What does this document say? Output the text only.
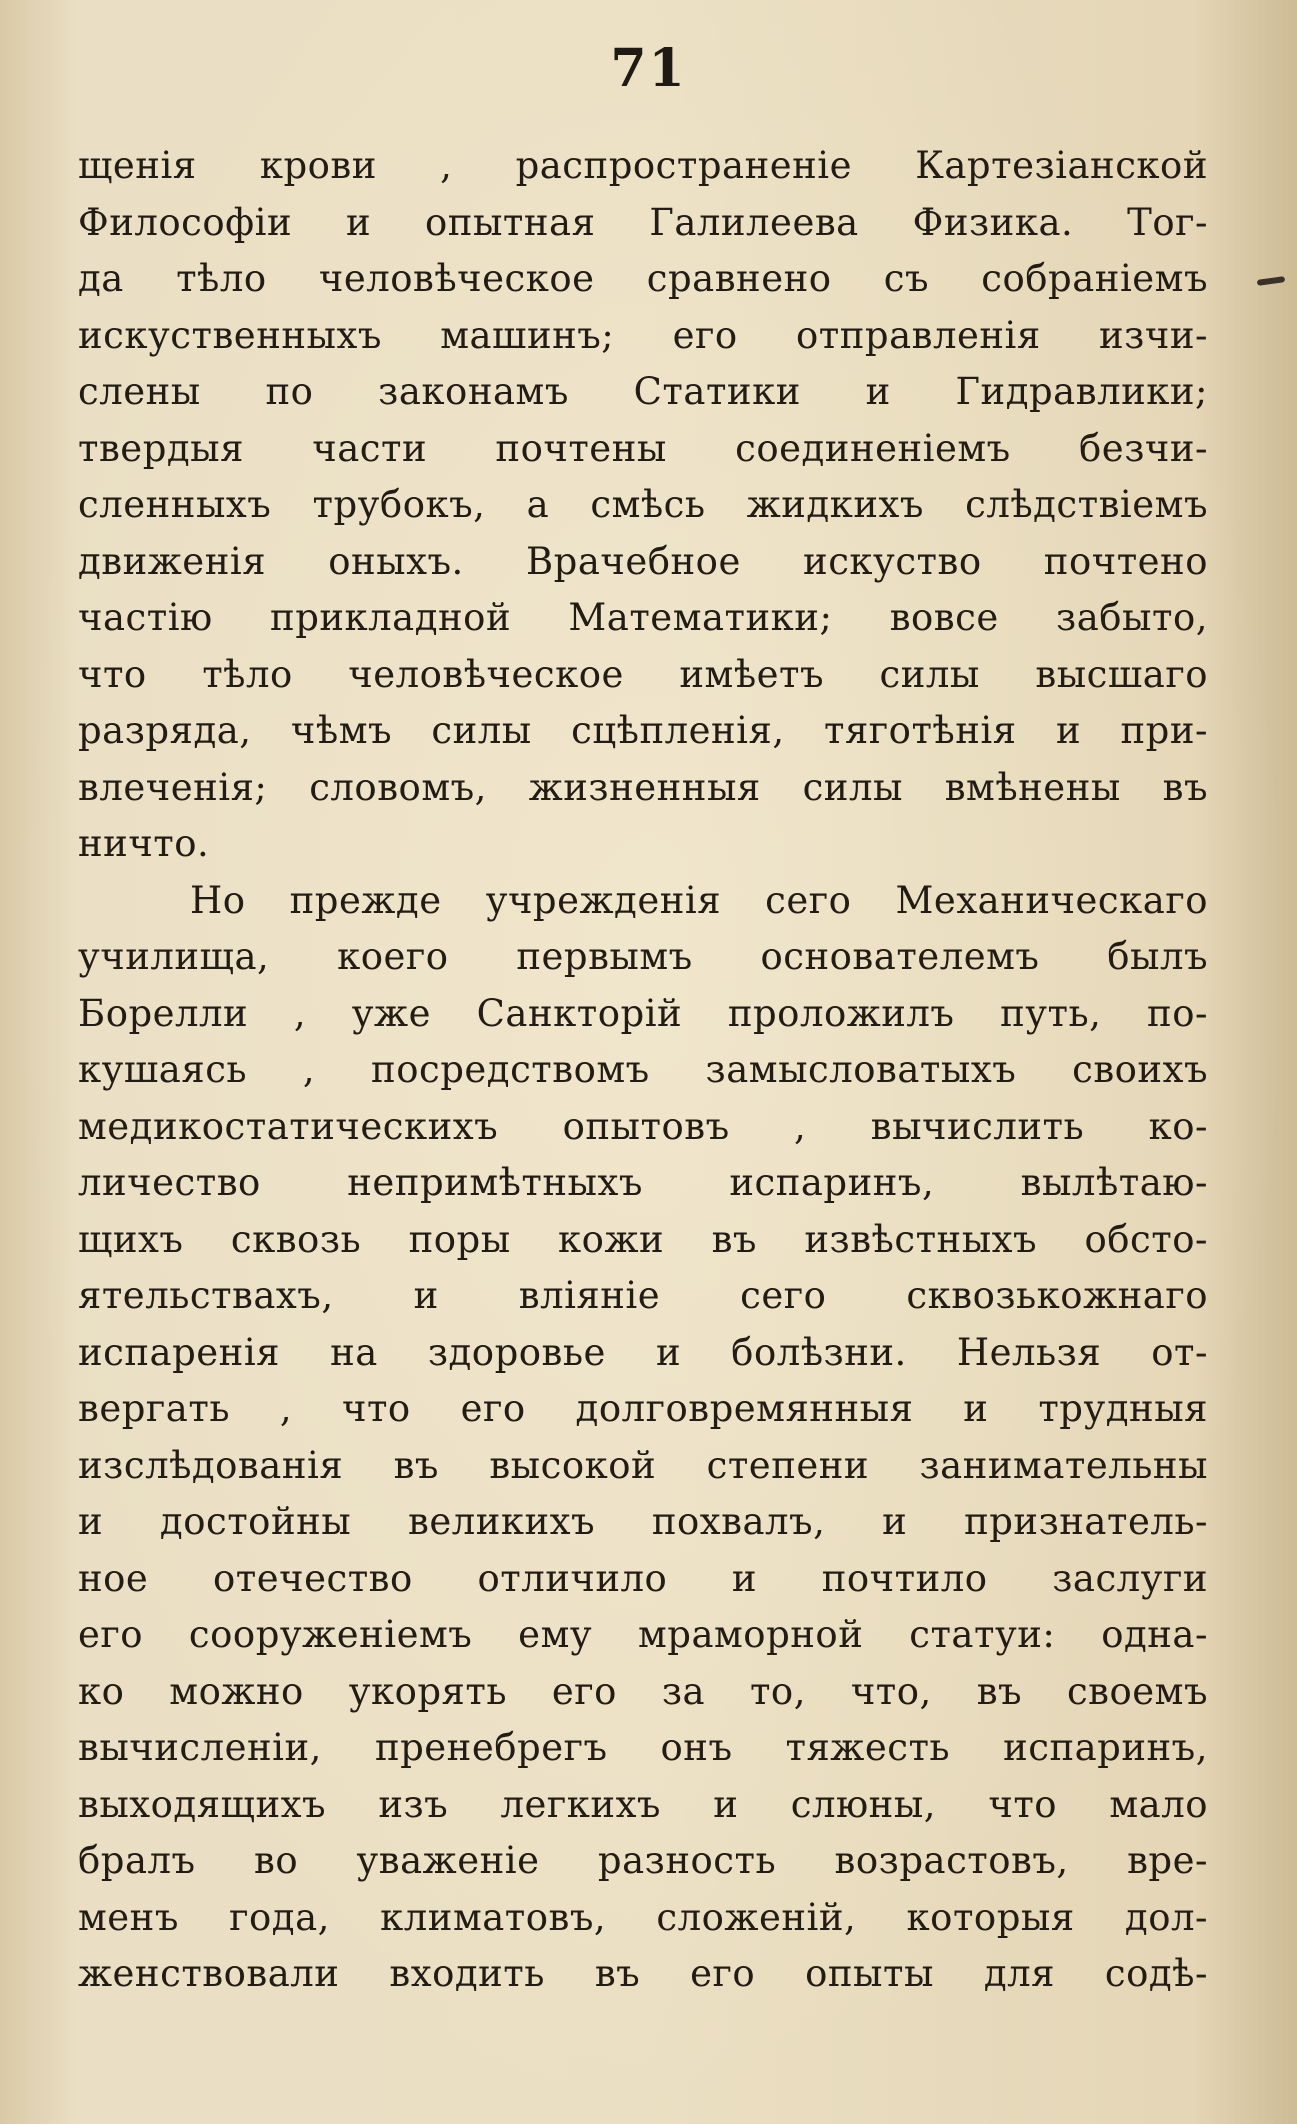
71
щенія крови , распространеніе Картезіанской
Философіи и опытная Галилеева Физика. Тог-
да тѣло человѣческое сравнено съ собраніемъ
искуственныхъ машинъ; его отправленія изчи-
слены по законамъ Статики и Гидравлики;
твердыя части почтены соединеніемъ безчи-
сленныхъ трубокъ, а смѣсь жидкихъ слѣдствіемъ
движенія оныхъ. Врачебное искуство почтено
частію прикладной Математики; вовсе забыто,
что тѣло человѣческое имѣетъ силы высшаго
разряда, чѣмъ силы сцѣпленія, тяготѣнія и при-
влеченія; словомъ, жизненныя силы вмѣнены въ
ничто.
Но прежде учрежденія сего Механическаго
училища, коего первымъ основателемъ былъ
Борелли , уже Санкторій проложилъ путь, по-
кушаясь , посредствомъ замысловатыхъ своихъ
медикостатическихъ опытовъ , вычислить ко-
личество непримѣтныхъ испаринъ, вылѣтаю-
щихъ сквозь поры кожи въ извѣстныхъ обсто-
ятельствахъ, и вліяніе сего сквозькожнаго
испаренія на здоровье и болѣзни. Нельзя от-
вергать , что его долговремянныя и трудныя
изслѣдованія въ высокой степени занимательны
и достойны великихъ похвалъ, и признатель-
ное отечество отличило и почтило заслуги
его сооруженіемъ ему мраморной статуи: одна-
ко можно укорять его за то, что, въ своемъ
вычисленіи, пренебрегъ онъ тяжесть испаринъ,
выходящихъ изъ легкихъ и слюны, что мало
бралъ во уваженіе разность возрастовъ, вре-
менъ года, климатовъ, сложеній, которыя дол-
женствовали входить въ его опыты для содѣ-
